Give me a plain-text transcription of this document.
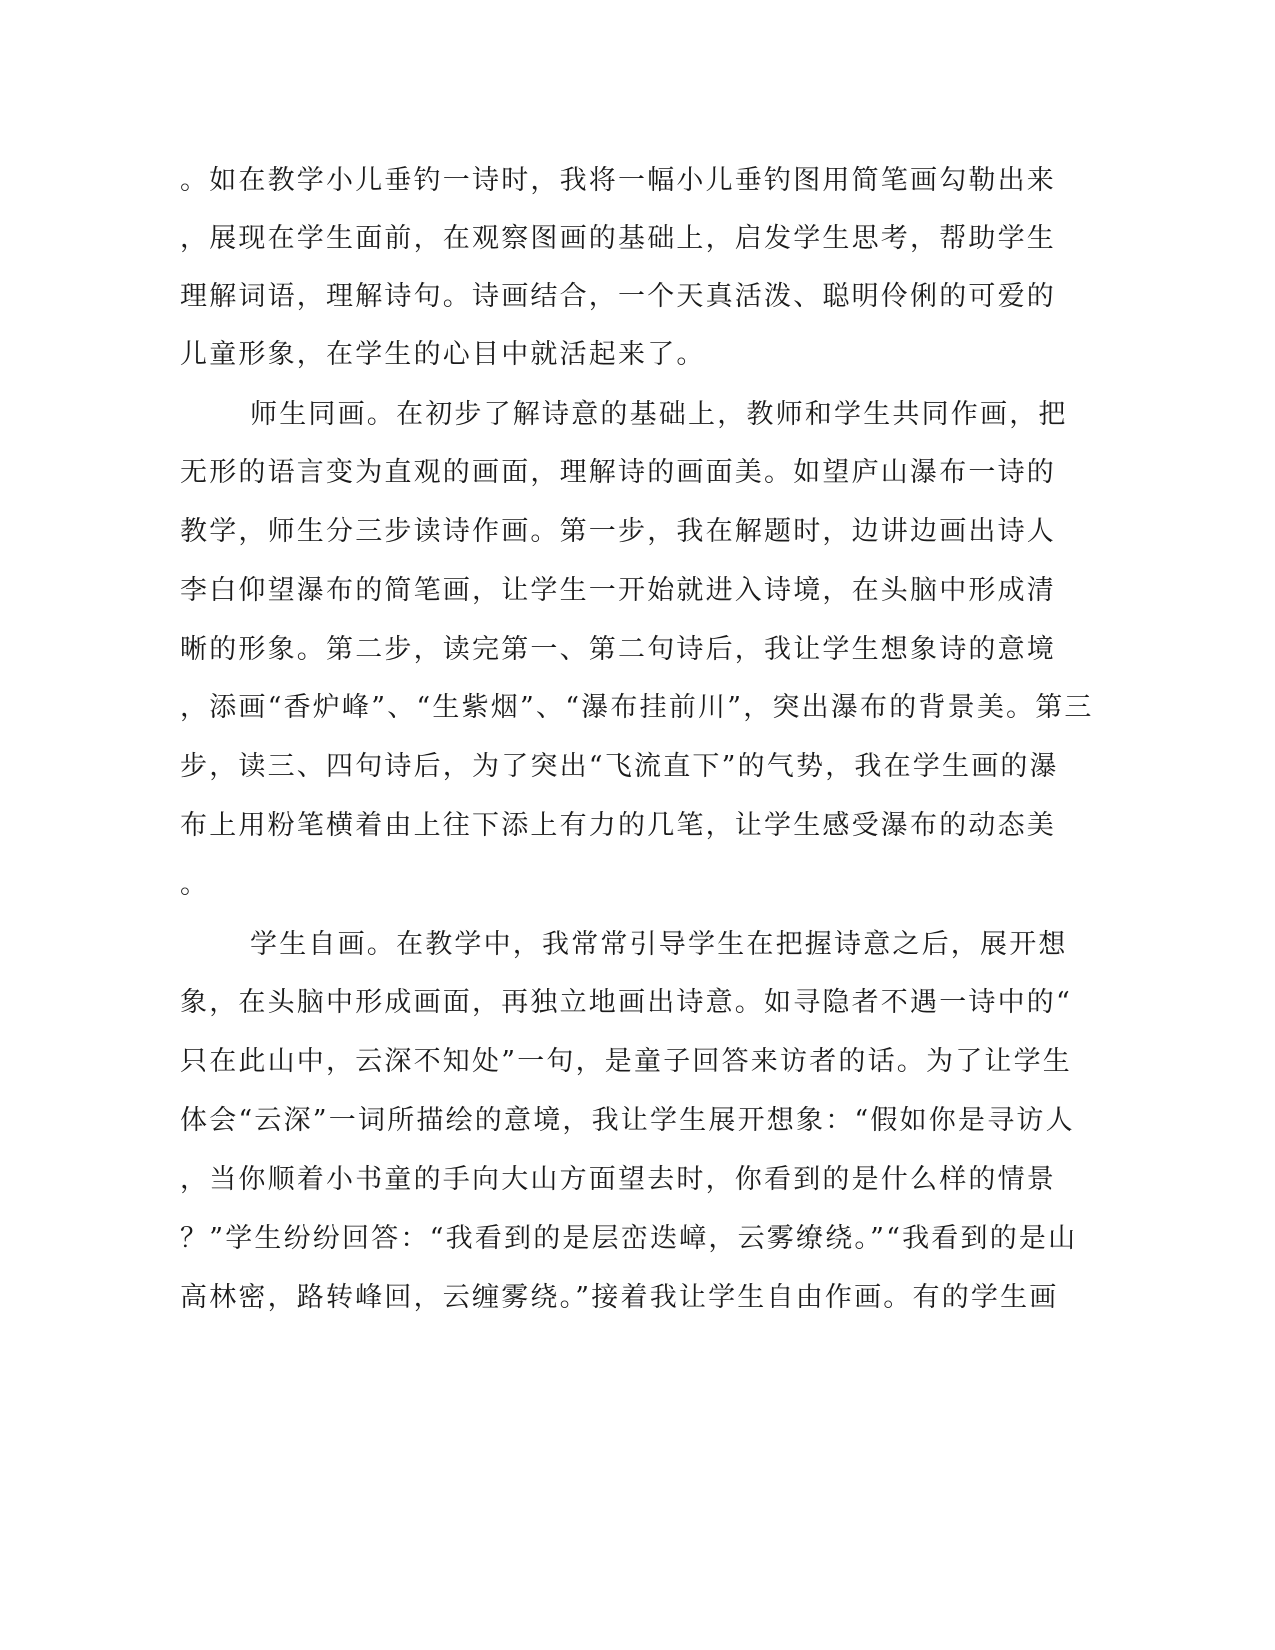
。如在教学小儿垂钓一诗时，我将一幅小儿垂钓图用简笔画勾勒出来
，展现在学生面前，在观察图画的基础上，启发学生思考，帮助学生
理解词语，理解诗句。诗画结合，一个天真活泼、聪明伶俐的可爱的
儿童形象，在学生的心目中就活起来了。
师生同画。在初步了解诗意的基础上，教师和学生共同作画，把
无形的语言变为直观的画面，理解诗的画面美。如望庐山瀑布一诗的
教学，师生分三步读诗作画。第一步，我在解题时，边讲边画出诗人
李白仰望瀑布的简笔画，让学生一开始就进入诗境，在头脑中形成清
晰的形象。第二步，读完第一、第二句诗后，我让学生想象诗的意境
，添画“香炉峰”、“生紫烟”、“瀑布挂前川”，突出瀑布的背景美。第三
步，读三、四句诗后，为了突出“飞流直下”的气势，我在学生画的瀑
布上用粉笔横着由上往下添上有力的几笔，让学生感受瀑布的动态美
。
学生自画。在教学中，我常常引导学生在把握诗意之后，展开想
象，在头脑中形成画面，再独立地画出诗意。如寻隐者不遇一诗中的“
只在此山中，云深不知处”一句，是童子回答来访者的话。为了让学生
体会“云深”一词所描绘的意境，我让学生展开想象：“假如你是寻访人
，当你顺着小书童的手向大山方面望去时，你看到的是什么样的情景
？”学生纷纷回答：“我看到的是层峦迭嶂，云雾缭绕。”“我看到的是山
高林密，路转峰回，云缠雾绕。”接着我让学生自由作画。有的学生画
